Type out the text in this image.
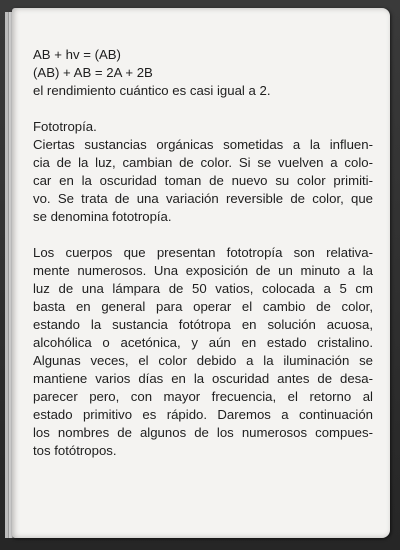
AB + hv = (AB)
(AB) + AB = 2A + 2B
el rendimiento cuántico es casi igual a 2.
Fototropía.
Ciertas sustancias orgánicas sometidas a la influen-
cia de la luz, cambian de color. Si se vuelven a colo-
car en la oscuridad toman de nuevo su color primiti-
vo. Se trata de una variación reversible de color, que
se denomina fototropía.
Los cuerpos que presentan fototropía son relativa-
mente numerosos. Una exposición de un minuto a la
luz de una lámpara de 50 vatios, colocada a 5 cm
basta en general para operar el cambio de color,
estando la sustancia fotótropa en solución acuosa,
alcohólica o acetónica, y aún en estado cristalino.
Algunas veces, el color debido a la iluminación se
mantiene varios días en la oscuridad antes de desa-
parecer pero, con mayor frecuencia, el retorno al
estado primitivo es rápido. Daremos a continuación
los nombres de algunos de los numerosos compues-
tos fotótropos.
